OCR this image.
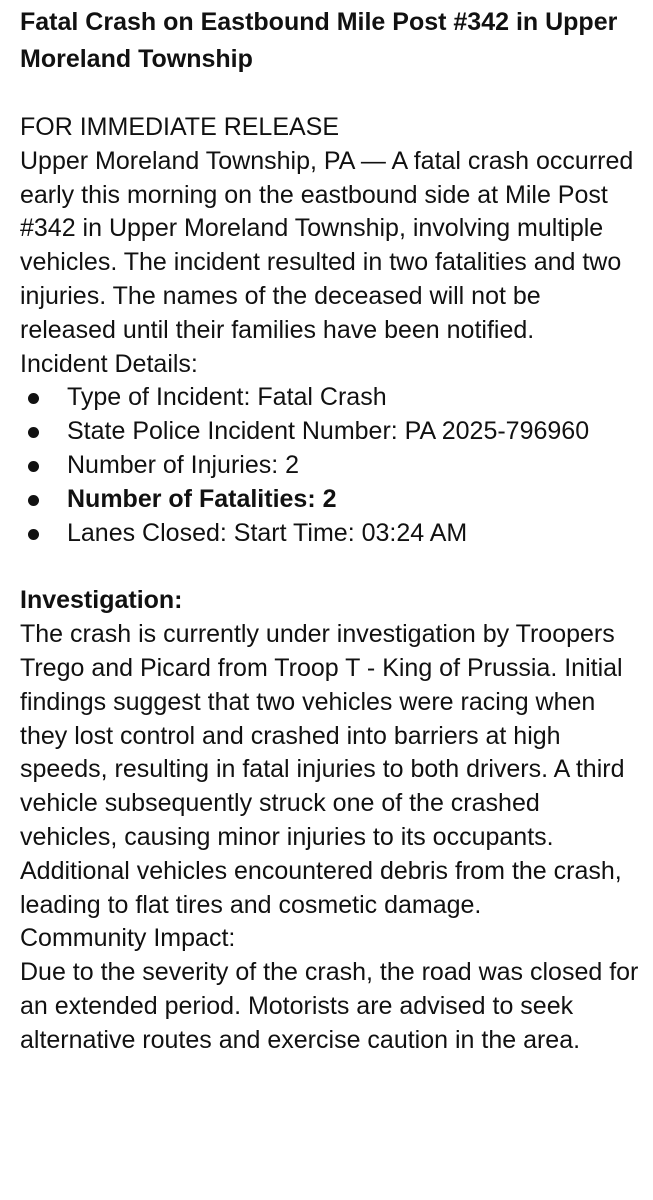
Fatal Crash on Eastbound Mile Post #342 in Upper Moreland Township

FOR IMMEDIATE RELEASE

Upper Moreland Township, PA — A fatal crash occurred early this morning on the eastbound side at Mile Post #342 in Upper Moreland Township, involving multiple vehicles. The incident resulted in two fatalities and two injuries. The names of the deceased will not be released until their families have been notified.

Incident Details:

Type of Incident: Fatal Crash
State Police Incident Number: PA 2025-796960
Number of Injuries: 2
Number of Fatalities: 2
Lanes Closed: Start Time: 03:24 AM
Investigation:

The crash is currently under investigation by Troopers Trego and Picard from Troop T - King of Prussia. Initial findings suggest that two vehicles were racing when they lost control and crashed into barriers at high speeds, resulting in fatal injuries to both drivers. A third vehicle subsequently struck one of the crashed vehicles, causing minor injuries to its occupants. Additional vehicles encountered debris from the crash, leading to flat tires and cosmetic damage.

Community Impact:

Due to the severity of the crash, the road was closed for an extended period. Motorists are advised to seek alternative routes and exercise caution in the area.
